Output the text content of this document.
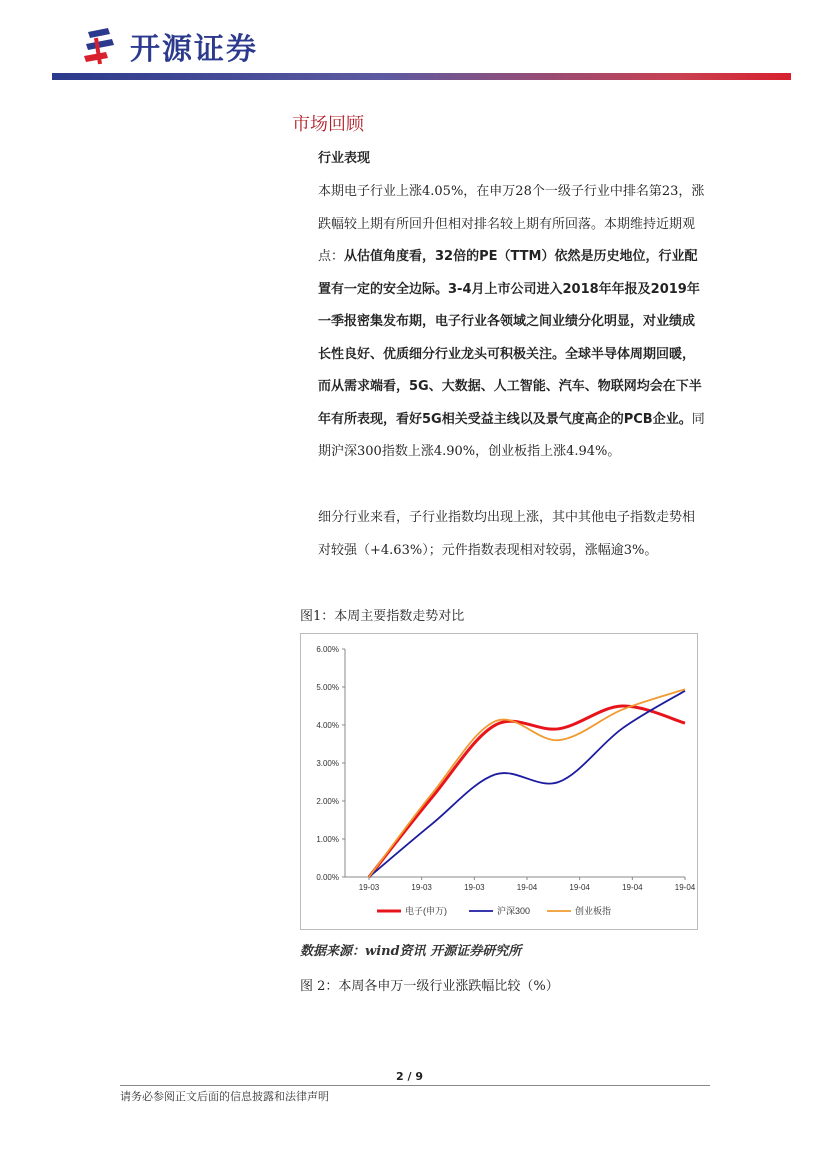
开源证券
市场回顾
行业表现
本期电子行业上涨4.05%，在申万28个一级子行业中排名第23，涨跌幅较上期有所回升但相对排名较上期有所回落。本期维持近期观点：从估值角度看，32倍的PE（TTM）依然是历史地位，行业配置有一定的安全边际。3-4月上市公司进入2018年年报及2019年一季报密集发布期，电子行业各领域之间业绩分化明显，对业绩成长性良好、优质细分行业龙头可积极关注。全球半导体周期回暖，而从需求端看，5G、大数据、人工智能、汽车、物联网均会在下半年有所表现，看好5G相关受益主线以及景气度高企的PCB企业。同期沪深300指数上涨4.90%，创业板指上涨4.94%。
细分行业来看，子行业指数均出现上涨，其中其他电子指数走势相对较强（+4.63%）；元件指数表现相对较弱，涨幅逾3%。
图1：本周主要指数走势对比
0.00%
1.00%
2.00%
3.00%
4.00%
5.00%
6.00%
19-03	19-03	19-03	19-04	19-04	19-04	19-04
电子(申万)	沪深300	创业板指
数据来源：wind资讯 开源证券研究所
图 2：本周各申万一级行业涨跌幅比较（%）
2 / 9
请务必参阅正文后面的信息披露和法律声明
